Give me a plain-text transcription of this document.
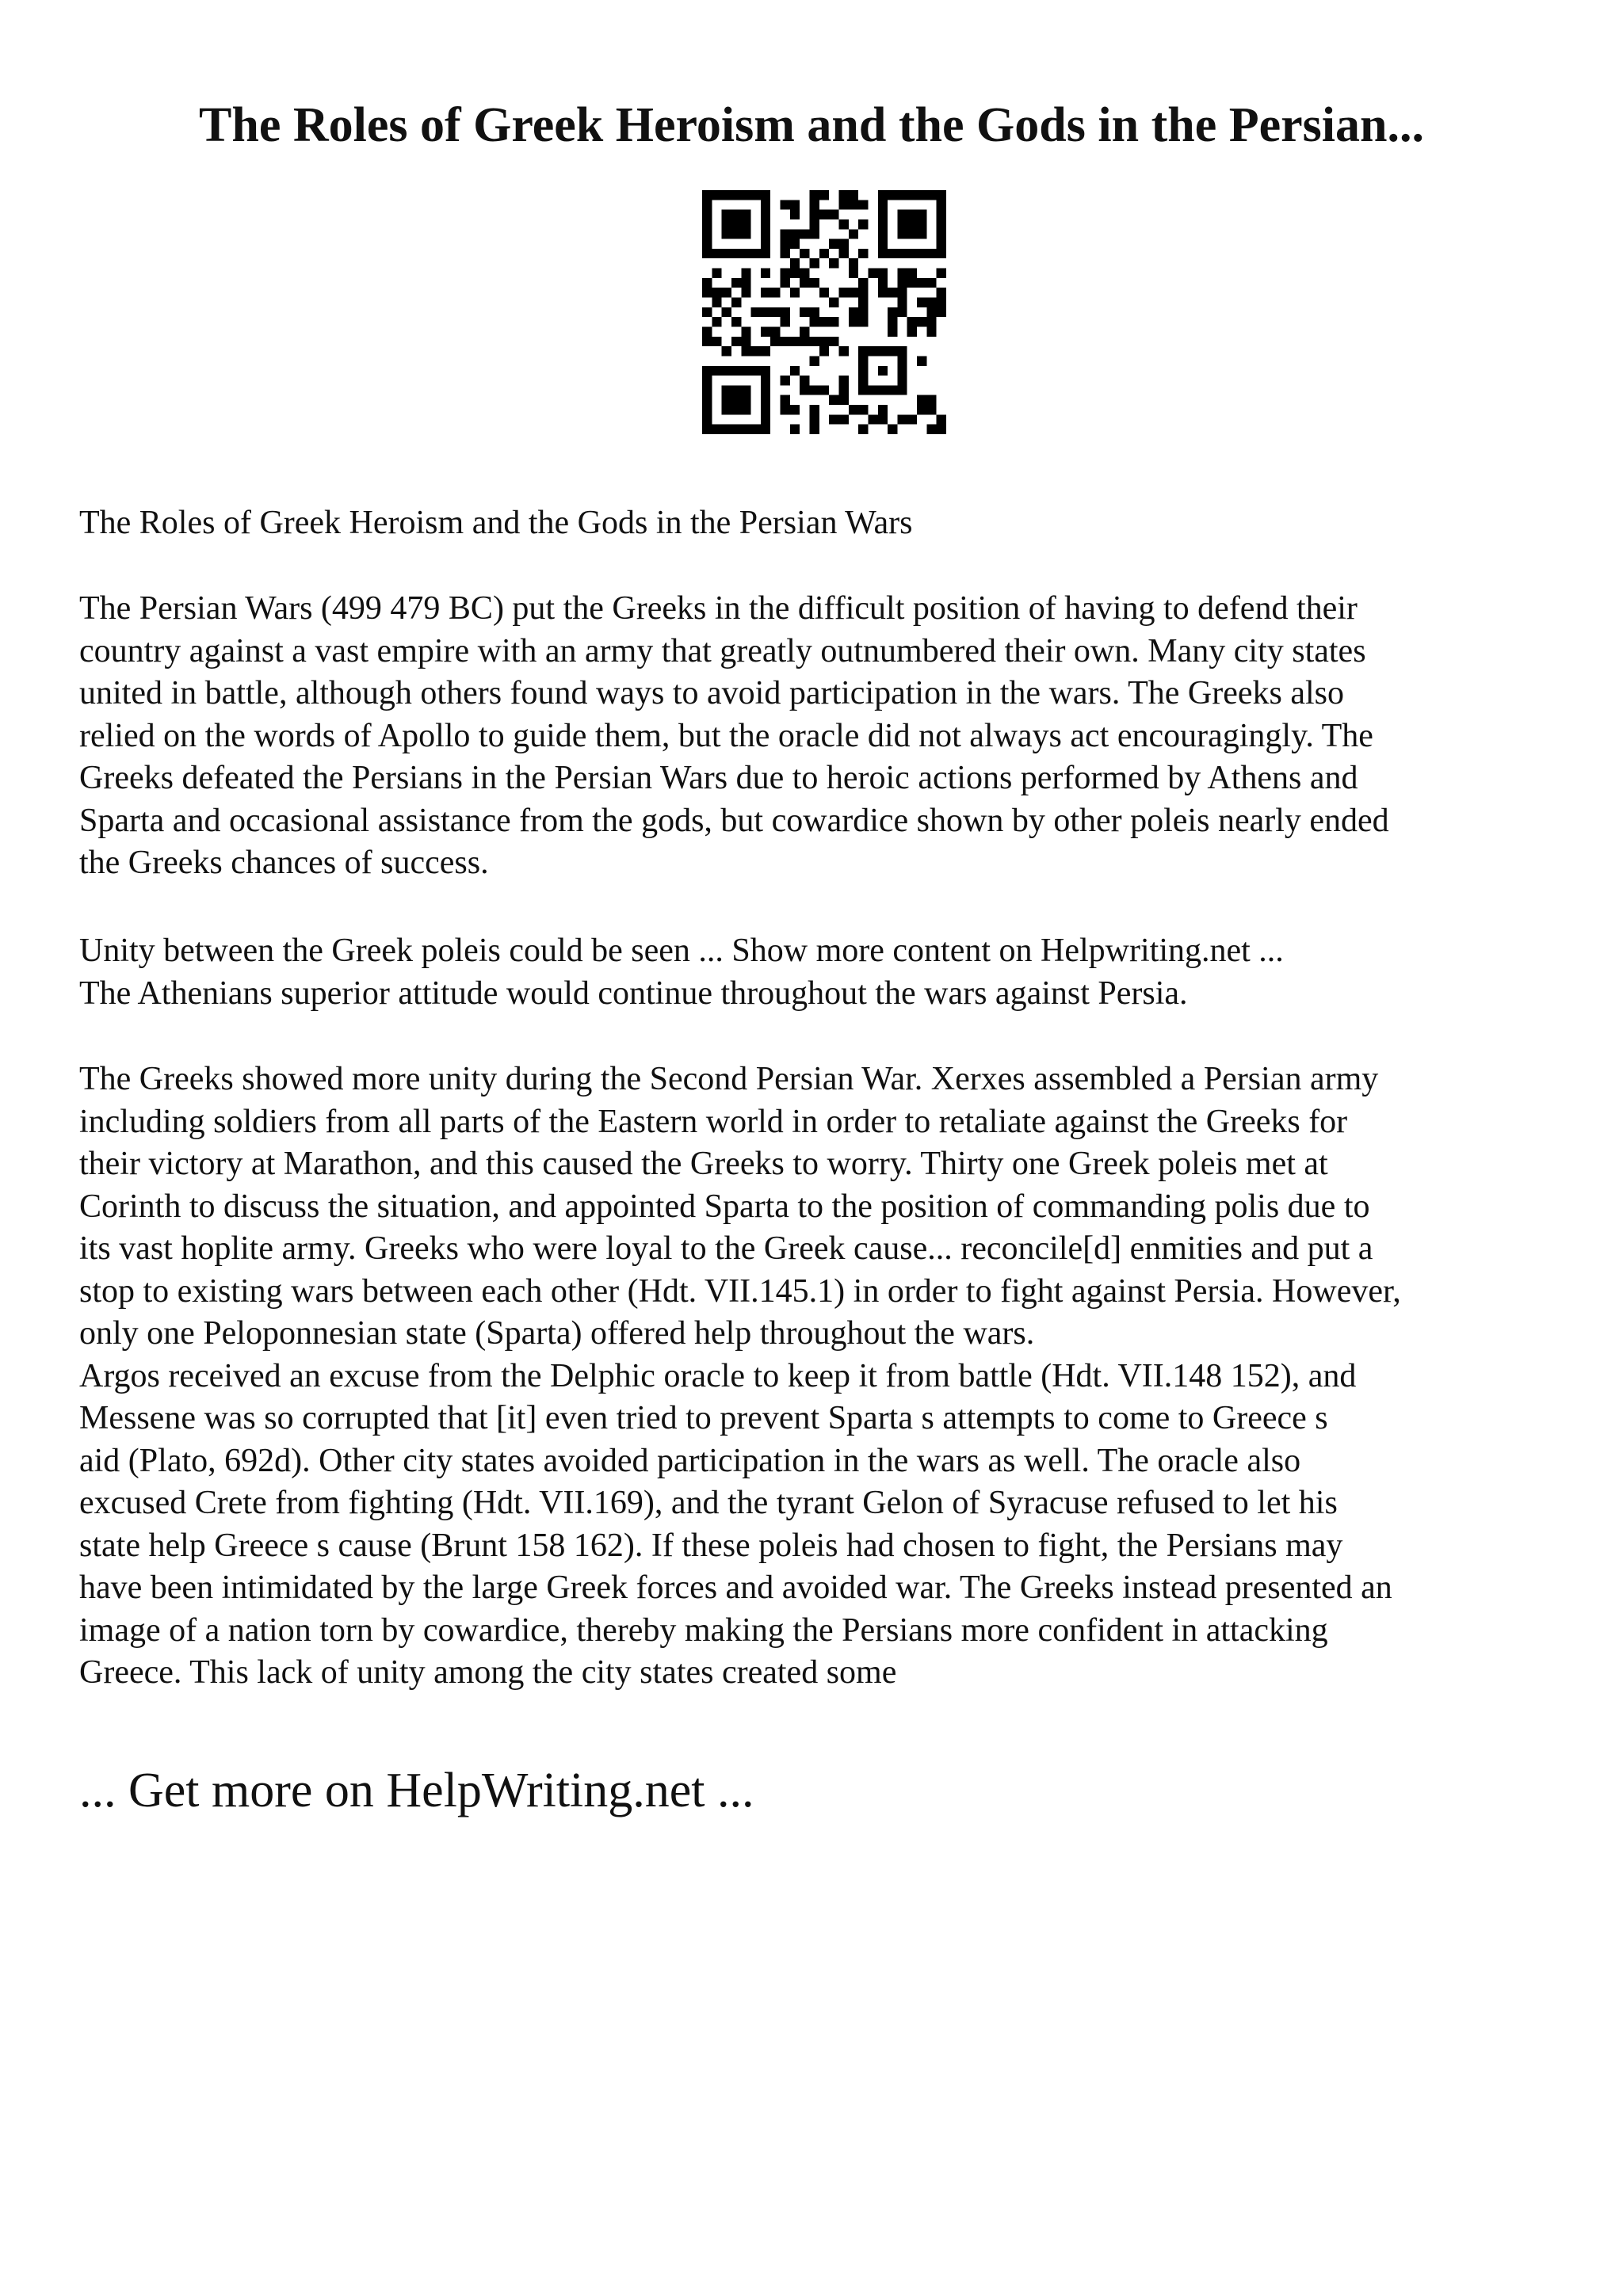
The Roles of Greek Heroism and the Gods in the Persian...
The Roles of Greek Heroism and the Gods in the Persian Wars
The Persian Wars (499 479 BC) put the Greeks in the difficult position of having to defend their
country against a vast empire with an army that greatly outnumbered their own. Many city states
united in battle, although others found ways to avoid participation in the wars. The Greeks also
relied on the words of Apollo to guide them, but the oracle did not always act encouragingly. The
Greeks defeated the Persians in the Persian Wars due to heroic actions performed by Athens and
Sparta and occasional assistance from the gods, but cowardice shown by other poleis nearly ended
the Greeks chances of success.
Unity between the Greek poleis could be seen ... Show more content on Helpwriting.net ...
The Athenians superior attitude would continue throughout the wars against Persia.
The Greeks showed more unity during the Second Persian War. Xerxes assembled a Persian army
including soldiers from all parts of the Eastern world in order to retaliate against the Greeks for
their victory at Marathon, and this caused the Greeks to worry. Thirty one Greek poleis met at
Corinth to discuss the situation, and appointed Sparta to the position of commanding polis due to
its vast hoplite army. Greeks who were loyal to the Greek cause... reconcile[d] enmities and put a
stop to existing wars between each other (Hdt. VII.145.1) in order to fight against Persia. However,
only one Peloponnesian state (Sparta) offered help throughout the wars.
Argos received an excuse from the Delphic oracle to keep it from battle (Hdt. VII.148 152), and
Messene was so corrupted that [it] even tried to prevent Sparta s attempts to come to Greece s
aid (Plato, 692d). Other city states avoided participation in the wars as well. The oracle also
excused Crete from fighting (Hdt. VII.169), and the tyrant Gelon of Syracuse refused to let his
state help Greece s cause (Brunt 158 162). If these poleis had chosen to fight, the Persians may
have been intimidated by the large Greek forces and avoided war. The Greeks instead presented an
image of a nation torn by cowardice, thereby making the Persians more confident in attacking
Greece. This lack of unity among the city states created some
... Get more on HelpWriting.net ...
